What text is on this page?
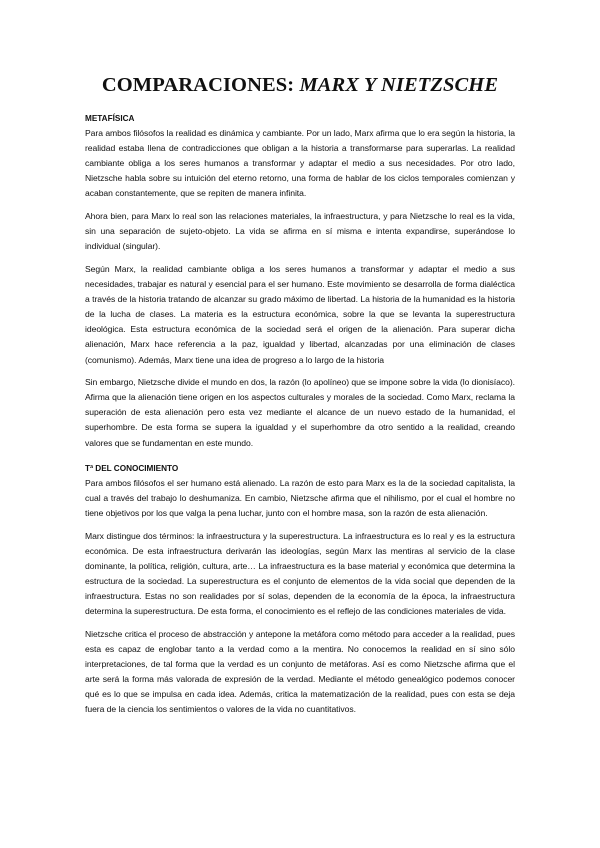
COMPARACIONES: MARX Y NIETZSCHE

METAFÍSICA

Para ambos filósofos la realidad es dinámica y cambiante. Por un lado, Marx afirma que lo era según la historia, la realidad estaba llena de contradicciones que obligan a la historia a transformarse para superarlas. La realidad cambiante obliga a los seres humanos a transformar y adaptar el medio a sus necesidades. Por otro lado, Nietzsche habla sobre su intuición del eterno retorno, una forma de hablar de los ciclos temporales comienzan y acaban constantemente, que se repiten de manera infinita.

Ahora bien, para Marx lo real son las relaciones materiales, la infraestructura, y para Nietzsche lo real es la vida, sin una separación de sujeto-objeto. La vida se afirma en sí misma e intenta expandirse, superándose lo individual (singular).

Según Marx, la realidad cambiante obliga a los seres humanos a transformar y adaptar el medio a sus necesidades, trabajar es natural y esencial para el ser humano. Este movimiento se desarrolla de forma dialéctica a través de la historia tratando de alcanzar su grado máximo de libertad. La historia de la humanidad es la historia de la lucha de clases. La materia es la estructura económica, sobre la que se levanta la superestructura ideológica. Esta estructura económica de la sociedad será el origen de la alienación. Para superar dicha alienación, Marx hace referencia a la paz, igualdad y libertad, alcanzadas por una eliminación de clases (comunismo). Además, Marx tiene una idea de progreso a lo largo de la historia

Sin embargo, Nietzsche divide el mundo en dos, la razón (lo apolíneo) que se impone sobre la vida (lo dionisíaco). Afirma que la alienación tiene origen en los aspectos culturales y morales de la sociedad. Como Marx, reclama la superación de esta alienación pero esta vez mediante el alcance de un nuevo estado de la humanidad, el superhombre. De esta forma se supera la igualdad y el superhombre da otro sentido a la realidad, creando valores que se fundamentan en este mundo.

Tª DEL CONOCIMIENTO

Para ambos filósofos el ser humano está alienado. La razón de esto para Marx es la de la sociedad capitalista, la cual a través del trabajo lo deshumaniza. En cambio, Nietzsche afirma que el nihilismo, por el cual el hombre no tiene objetivos por los que valga la pena luchar, junto con el hombre masa, son la razón de esta alienación.

Marx distingue dos términos: la infraestructura y la superestructura. La infraestructura es lo real y es la estructura económica. De esta infraestructura derivarán las ideologías, según Marx las mentiras al servicio de la clase dominante, la política, religión, cultura, arte… La infraestructura es la base material y económica que determina la estructura de la sociedad. La superestructura es el conjunto de elementos de la vida social que dependen de la infraestructura. Estas no son realidades por sí solas, dependen de la economía de la época, la infraestructura determina la superestructura. De esta forma, el conocimiento es el reflejo de las condiciones materiales de vida.

Nietzsche critica el proceso de abstracción y antepone la metáfora como método para acceder a la realidad, pues esta es capaz de englobar tanto a la verdad como a la mentira. No conocemos la realidad en sí sino sólo interpretaciones, de tal forma que la verdad es un conjunto de metáforas. Así es como Nietzsche afirma que el arte será la forma más valorada de expresión de la verdad. Mediante el método genealógico podemos conocer qué es lo que se impulsa en cada idea. Además, critica la matematización de la realidad, pues con esta se deja fuera de la ciencia los sentimientos o valores de la vida no cuantitativos.
